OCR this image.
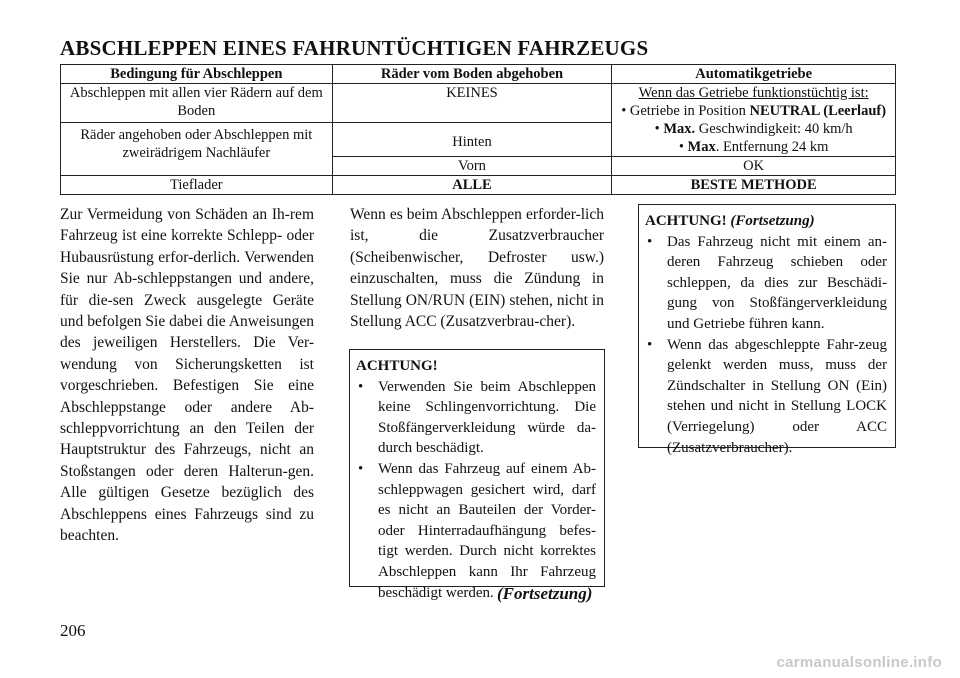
ABSCHLEPPEN EINES FAHRUNTÜCHTIGEN FAHRZEUGS
Bedingung für Abschleppen	Räder vom Boden abgehoben	Automatikgetriebe
Abschleppen mit allen vier Rädern auf dem Boden	KEINES	Wenn das Getriebe funktionstüchtig ist:
• Getriebe in Position NEUTRAL (Leerlauf)
• Max. Geschwindigkeit: 40 km/h
• Max. Entfernung 24 km

Räder angehoben oder Abschleppen mit zweirädrigem Nachläufer	Hinten	
	Vorn	OK
Tieflader	ALLE	BESTE METHODE

Zur Vermeidung von Schäden an Ih-rem Fahrzeug ist eine korrekte Schlepp- oder Hubausrüstung erfor-derlich. Verwenden Sie nur Ab-schleppstangen und andere, für die-sen Zweck ausgelegte Geräte und befolgen Sie dabei die Anweisungen des jeweiligen Herstellers. Die Ver-wendung von Sicherungsketten ist vorgeschrieben. Befestigen Sie eine Abschleppstange oder andere Ab-schleppvorrichtung an den Teilen der Hauptstruktur des Fahrzeugs, nicht an Stoßstangen oder deren Halterun-gen. Alle gültigen Gesetze bezüglich des Abschleppens eines Fahrzeugs sind zu beachten.

Wenn es beim Abschleppen erforder-lich ist, die Zusatzverbraucher (Scheibenwischer, Defroster usw.) einzuschalten, muss die Zündung in Stellung ON/RUN (EIN) stehen, nicht in Stellung ACC (Zusatzverbrau-cher).

ACHTUNG!
• Verwenden Sie beim Abschleppen keine Schlingenvorrichtung. Die Stoßfängerverkleidung würde da-durch beschädigt.
• Wenn das Fahrzeug auf einem Ab-schleppwagen gesichert wird, darf es nicht an Bauteilen der Vorder- oder Hinterradaufhängung befes-tigt werden. Durch nicht korrektes Abschleppen kann Ihr Fahrzeug beschädigt werden. (Fortsetzung)
ACHTUNG! (Fortsetzung)
• Das Fahrzeug nicht mit einem an-deren Fahrzeug schieben oder schleppen, da dies zur Beschädi-gung von Stoßfängerverkleidung und Getriebe führen kann.
• Wenn das abgeschleppte Fahr-zeug gelenkt werden muss, muss der Zündschalter in Stellung ON (Ein) stehen und nicht in Stellung LOCK (Verriegelung) oder ACC (Zusatzverbraucher).
206
carmanualsonline.info
